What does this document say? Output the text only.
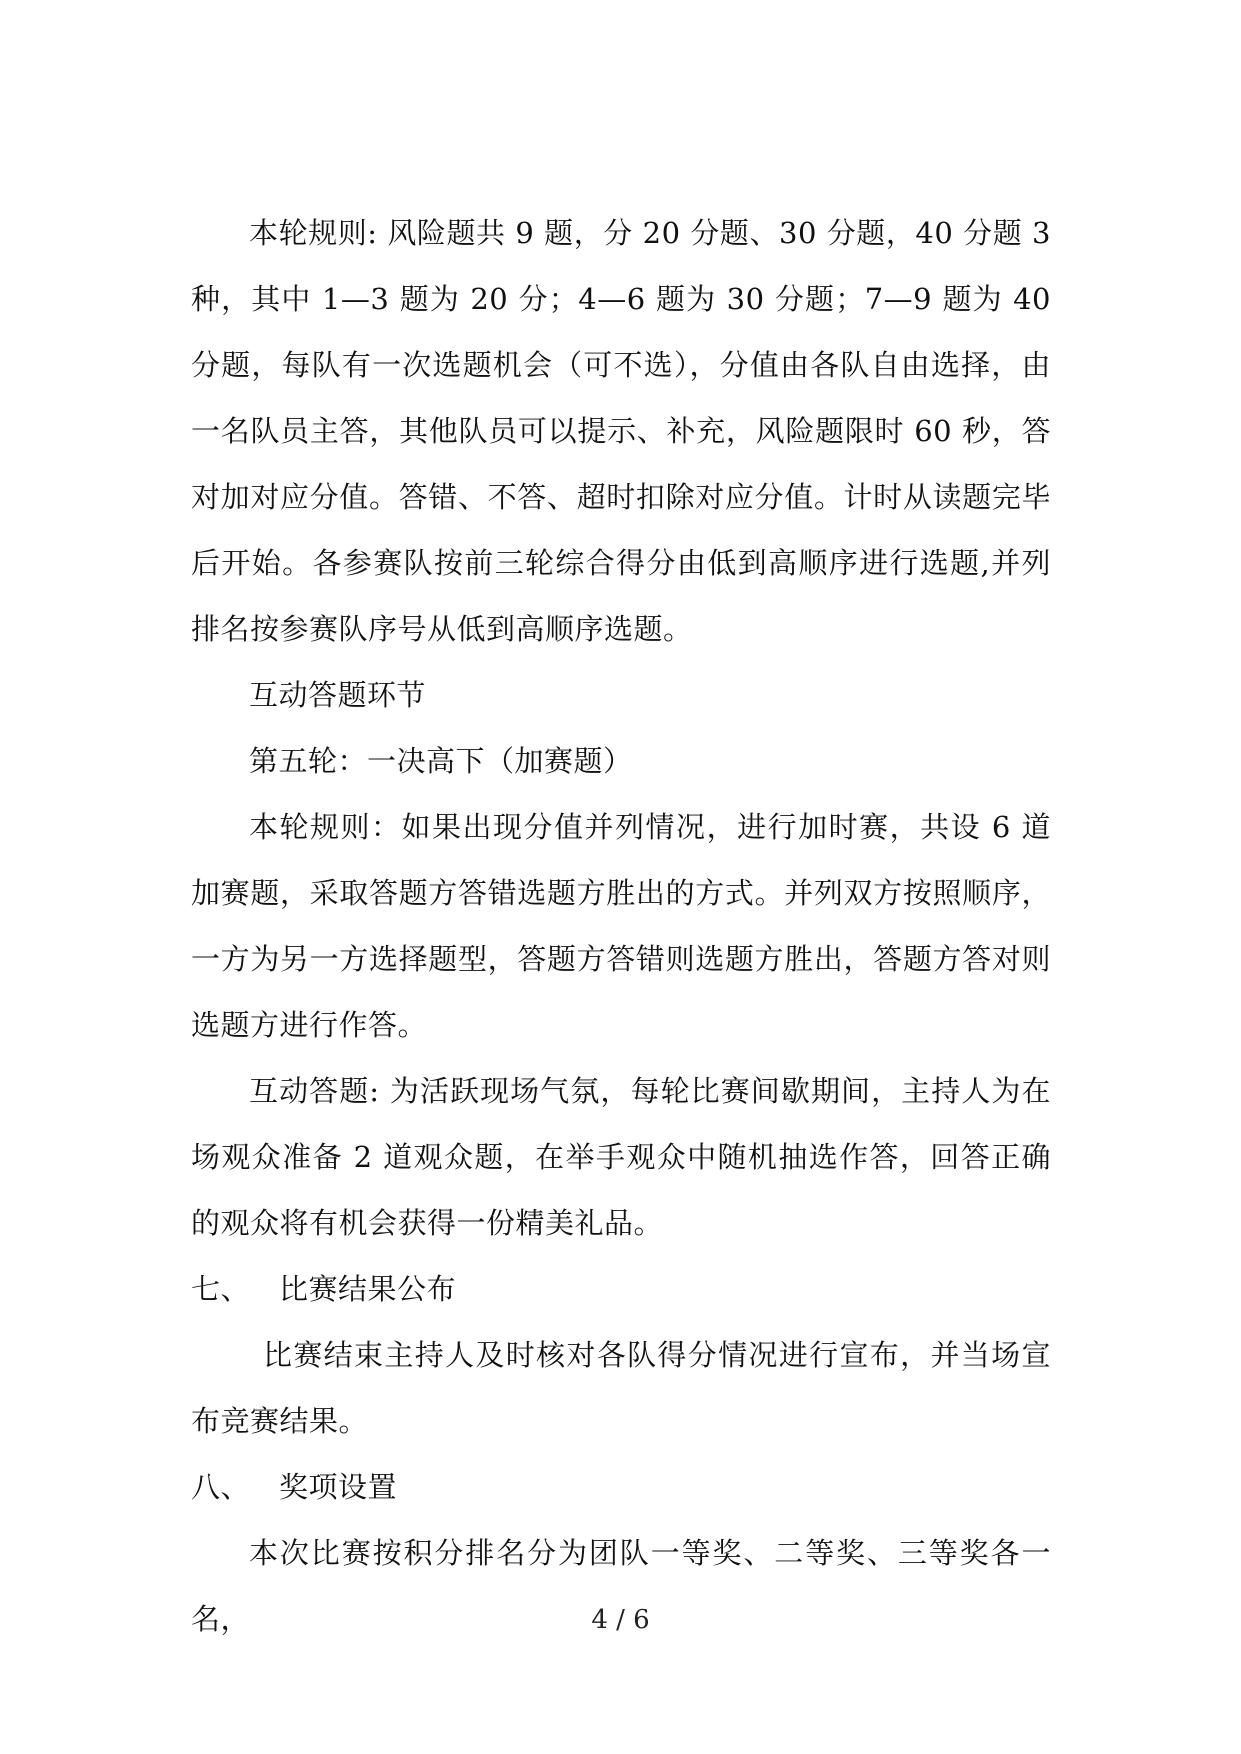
本轮规则: 风险题共 9 题，分 20 分题、30 分题，40 分题 3 种，其中 1—3 题为 20 分；4—6 题为 30 分题；7—9 题为 40 分题，每队有一次选题机会（可不选），分值由各队自由选择，由一名队员主答，其他队员可以提示、补充，风险题限时 60 秒，答对加对应分值。答错、不答、超时扣除对应分值。计时从读题完毕后开始。各参赛队按前三轮综合得分由低到高顺序进行选题,并列排名按参赛队序号从低到高顺序选题。

互动答题环节

第五轮：一决高下（加赛题）

本轮规则：如果出现分值并列情况，进行加时赛，共设 6 道加赛题，采取答题方答错选题方胜出的方式。并列双方按照顺序，一方为另一方选择题型，答题方答错则选题方胜出，答题方答对则选题方进行作答。

互动答题: 为活跃现场气氛，每轮比赛间歇期间，主持人为在场观众准备 2 道观众题，在举手观众中随机抽选作答，回答正确的观众将有机会获得一份精美礼品。

七、 比赛结果公布

比赛结束主持人及时核对各队得分情况进行宣布，并当场宣布竞赛结果。

八、 奖项设置

本次比赛按积分排名分为团队一等奖、二等奖、三等奖各一名，	4 / 6
